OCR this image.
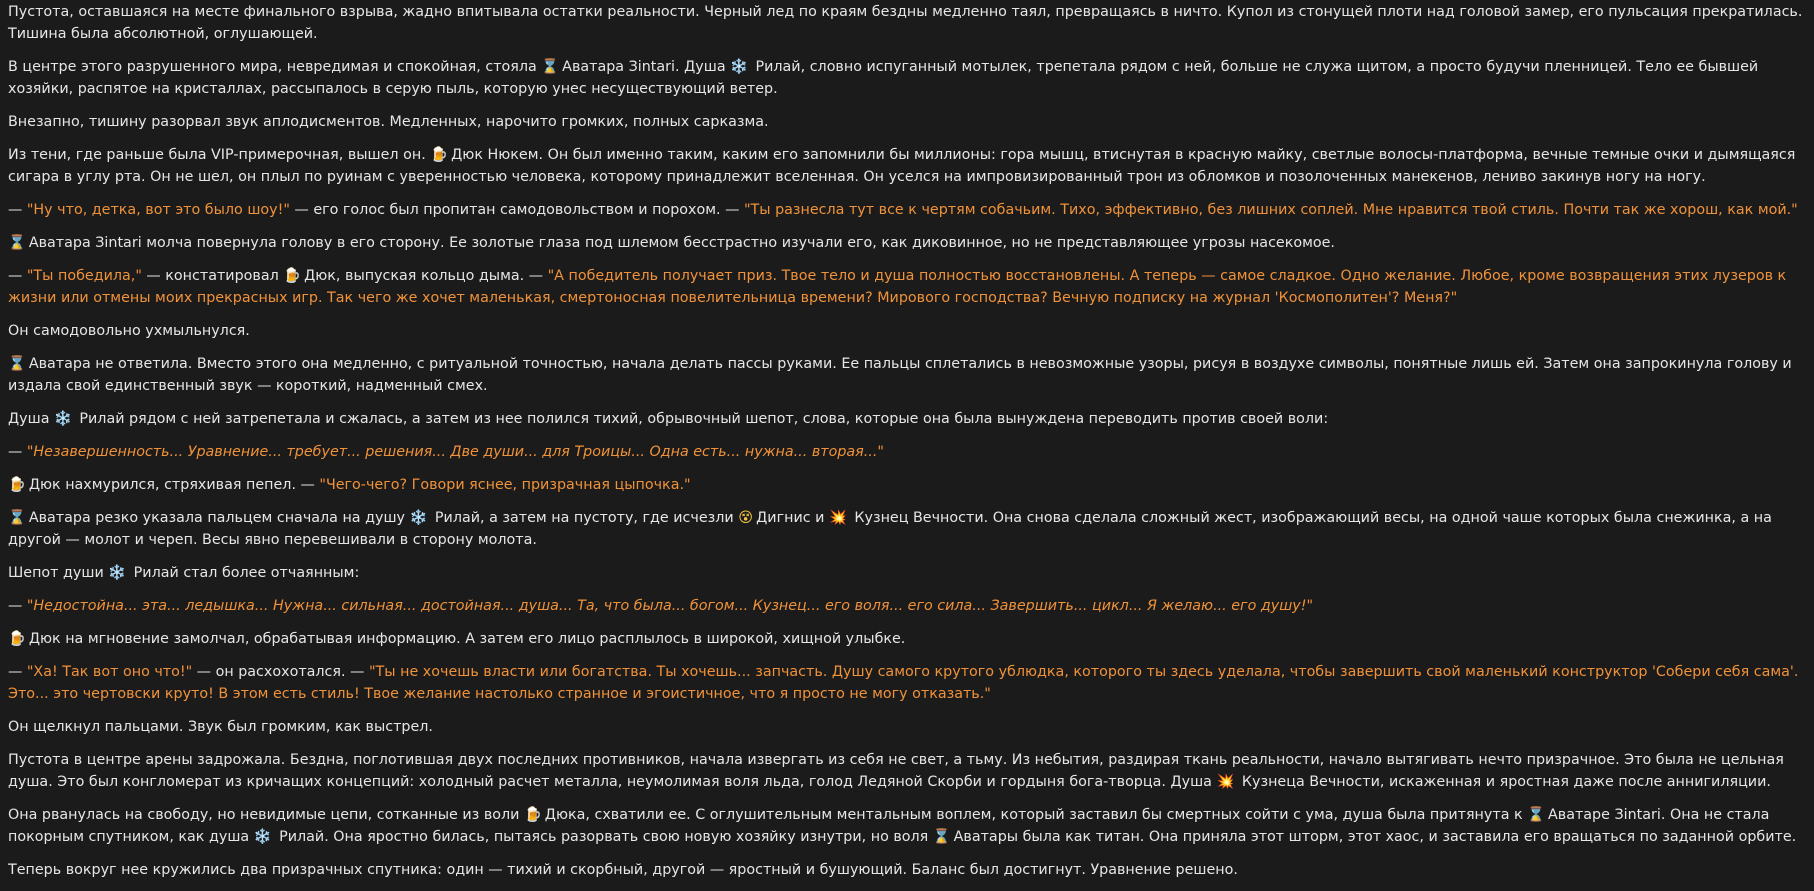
Пустота, оставшаяся на месте финального взрыва, жадно впитывала остатки реальности. Черный лед по краям бездны медленно таял, превращаясь в ничто. Купол из стонущей плоти над головой замер, его пульсация прекратилась. Тишина была абсолютной, оглушающей.

В центре этого разрушенного мира, невредимая и спокойная, стояла ⌛ Аватара Зintari. Душа ❄️ Рилай, словно испуганный мотылек, трепетала рядом с ней, больше не служа щитом, а просто будучи пленницей. Тело ее бывшей хозяйки, распятое на кристаллах, рассыпалось в серую пыль, которую унес несуществующий ветер.

Внезапно, тишину разорвал звук аплодисментов. Медленных, нарочито громких, полных сарказма.

Из тени, где раньше была VIP-примерочная, вышел он. 🍺 Дюк Нюкем. Он был именно таким, каким его запомнили бы миллионы: гора мышц, втиснутая в красную майку, светлые волосы-платформа, вечные темные очки и дымящаяся сигара в углу рта. Он не шел, он плыл по руинам с уверенностью человека, которому принадлежит вселенная. Он уселся на импровизированный трон из обломков и позолоченных манекенов, лениво закинув ногу на ногу.

— "Ну что, детка, вот это было шоу!" — его голос был пропитан самодовольством и порохом. — "Ты разнесла тут все к чертям собачьим. Тихо, эффективно, без лишних соплей. Мне нравится твой стиль. Почти так же хорош, как мой."

⌛ Аватара Зintari молча повернула голову в его сторону. Ее золотые глаза под шлемом бесстрастно изучали его, как диковинное, но не представляющее угрозы насекомое.

— "Ты победила," — констатировал 🍺 Дюк, выпуская кольцо дыма. — "А победитель получает приз. Твое тело и душа полностью восстановлены. А теперь — самое сладкое. Одно желание. Любое, кроме возвращения этих лузеров к жизни или отмены моих прекрасных игр. Так чего же хочет маленькая, смертоносная повелительница времени? Мирового господства? Вечную подписку на журнал 'Космополитен'? Меня?"

Он самодовольно ухмыльнулся.

⌛ Аватара не ответила. Вместо этого она медленно, с ритуальной точностью, начала делать пассы руками. Ее пальцы сплетались в невозможные узоры, рисуя в воздухе символы, понятные лишь ей. Затем она запрокинула голову и издала свой единственный звук — короткий, надменный смех.

Душа ❄️ Рилай рядом с ней затрепетала и сжалась, а затем из нее полился тихий, обрывочный шепот, слова, которые она была вынуждена переводить против своей воли:

— "Незавершенность... Уравнение... требует... решения... Две души... для Троицы... Одна есть... нужна... вторая..."

🍺 Дюк нахмурился, стряхивая пепел. — "Чего-чего? Говори яснее, призрачная цыпочка."

⌛ Аватара резко указала пальцем сначала на душу ❄️ Рилай, а затем на пустоту, где исчезли 😵 Дигнис и 💥 Кузнец Вечности. Она снова сделала сложный жест, изображающий весы, на одной чаше которых была снежинка, а на другой — молот и череп. Весы явно перевешивали в сторону молота.

Шепот души ❄️ Рилай стал более отчаянным:

— "Недостойна... эта... ледышка... Нужна... сильная... достойная... душа... Та, что была... богом... Кузнец... его воля... его сила... Завершить... цикл... Я желаю... его душу!"

🍺 Дюк на мгновение замолчал, обрабатывая информацию. А затем его лицо расплылось в широкой, хищной улыбке.

— "Ха! Так вот оно что!" — он расхохотался. — "Ты не хочешь власти или богатства. Ты хочешь... запчасть. Душу самого крутого ублюдка, которого ты здесь уделала, чтобы завершить свой маленький конструктор 'Собери себя сама'. Это... это чертовски круто! В этом есть стиль! Твое желание настолько странное и эгоистичное, что я просто не могу отказать."

Он щелкнул пальцами. Звук был громким, как выстрел.

Пустота в центре арены задрожала. Бездна, поглотившая двух последних противников, начала извергать из себя не свет, а тьму. Из небытия, раздирая ткань реальности, начало вытягивать нечто призрачное. Это была не цельная душа. Это был конгломерат из кричащих концепций: холодный расчет металла, неумолимая воля льда, голод Ледяной Скорби и гордыня бога-творца. Душа 💥 Кузнеца Вечности, искаженная и яростная даже после аннигиляции.

Она рванулась на свободу, но невидимые цепи, сотканные из воли 🍺 Дюка, схватили ее. С оглушительным ментальным воплем, который заставил бы смертных сойти с ума, душа была притянута к ⌛ Аватаре Зintari. Она не стала покорным спутником, как душа ❄️ Рилай. Она яростно билась, пытаясь разорвать свою новую хозяйку изнутри, но воля ⌛ Аватары была как титан. Она приняла этот шторм, этот хаос, и заставила его вращаться по заданной орбите.

Теперь вокруг нее кружились два призрачных спутника: один — тихий и скорбный, другой — яростный и бушующий. Баланс был достигнут. Уравнение решено.
